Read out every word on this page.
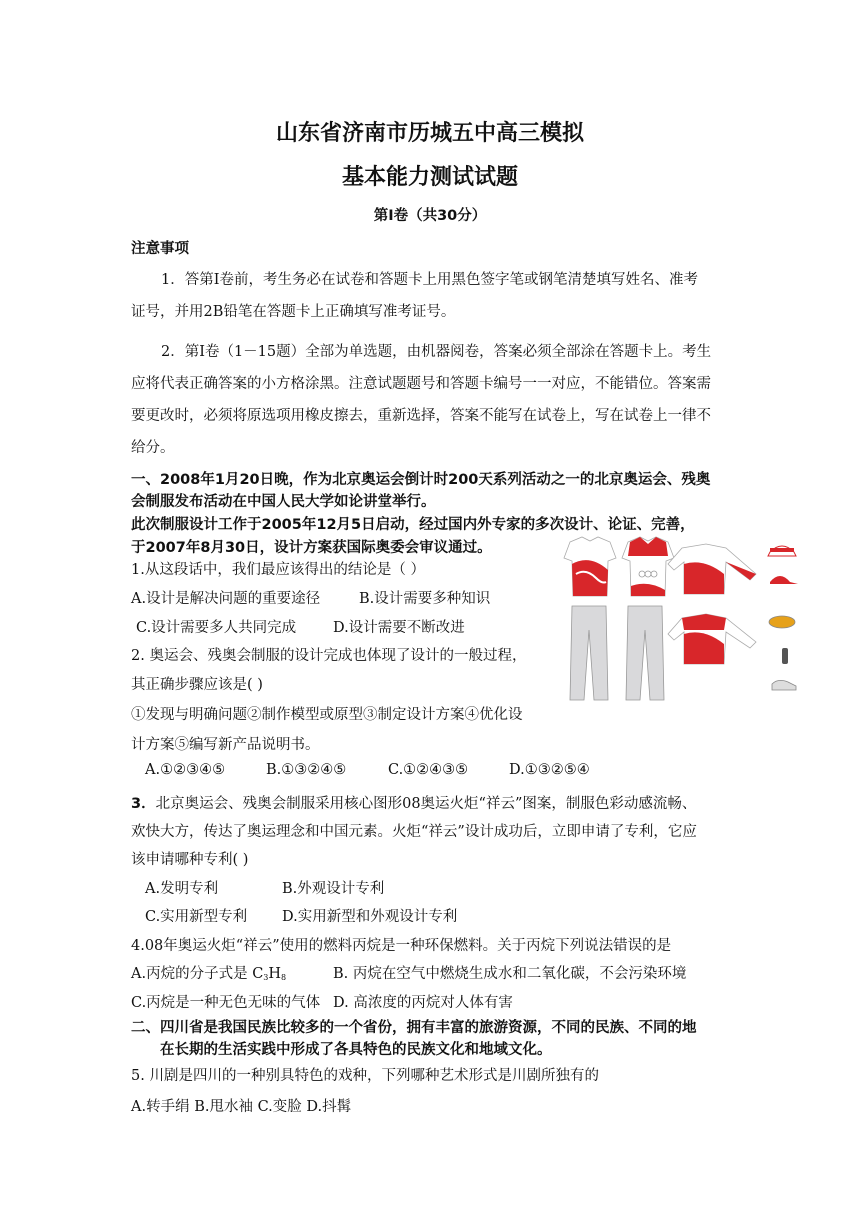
山东省济南市历城五中高三模拟
基本能力测试试题
第Ⅰ卷（共30分）
注意事项
1．答第Ⅰ卷前，考生务必在试卷和答题卡上用黑色签字笔或钢笔清楚填写姓名、准考
证号，并用2B铅笔在答题卡上正确填写准考证号。
2．第Ⅰ卷（1－15题）全部为单选题，由机器阅卷，答案必须全部涂在答题卡上。考生
应将代表正确答案的小方格涂黑。注意试题题号和答题卡编号一一对应，不能错位。答案需
要更改时，必须将原选项用橡皮擦去，重新选择，答案不能写在试卷上，写在试卷上一律不
给分。
一、2008年1月20日晚，作为北京奥运会倒计时200天系列活动之一的北京奥运会、残奥
会制服发布活动在中国人民大学如论讲堂举行。
此次制服设计工作于2005年12月5日启动，经过国内外专家的多次设计、论证、完善，
于2007年8月30日，设计方案获国际奥委会审议通过。
1.从这段话中，我们最应该得出的结论是（ ）
A.设计是解决问题的重要途径	B.设计需要多种知识
C.设计需要多人共同完成	D.设计需要不断改进
2. 奥运会、残奥会制服的设计完成也体现了设计的一般过程，
其正确步骤应该是( )
①发现与明确问题②制作模型或原型③制定设计方案④优化设
计方案⑤编写新产品说明书。
A.①②③④⑤	B.①③②④⑤	C.①②④③⑤	D.①③②⑤④
3．北京奥运会、残奥会制服采用核心图形08奥运火炬“祥云”图案，制服色彩动感流畅、
欢快大方，传达了奥运理念和中国元素。火炬“祥云”设计成功后，立即申请了专利，它应
该申请哪种专利( )
A.发明专利	B.外观设计专利
C.实用新型专利 D.实用新型和外观设计专利
4.08年奥运火炬“祥云”使用的燃料丙烷是一种环保燃料。关于丙烷下列说法错误的是
A.丙烷的分子式是 $C_3H_8$	B. 丙烷在空气中燃烧生成水和二氧化碳，不会污染环境
C.丙烷是一种无色无味的气体 D. 高浓度的丙烷对人体有害
二、四川省是我国民族比较多的一个省份，拥有丰富的旅游资源，不同的民族、不同的地
在长期的生活实践中形成了各具特色的民族文化和地域文化。
5. 川剧是四川的一种别具特色的戏种，下列哪种艺术形式是川剧所独有的
A.转手绢 B.甩水袖 C.变脸 D.抖髯
